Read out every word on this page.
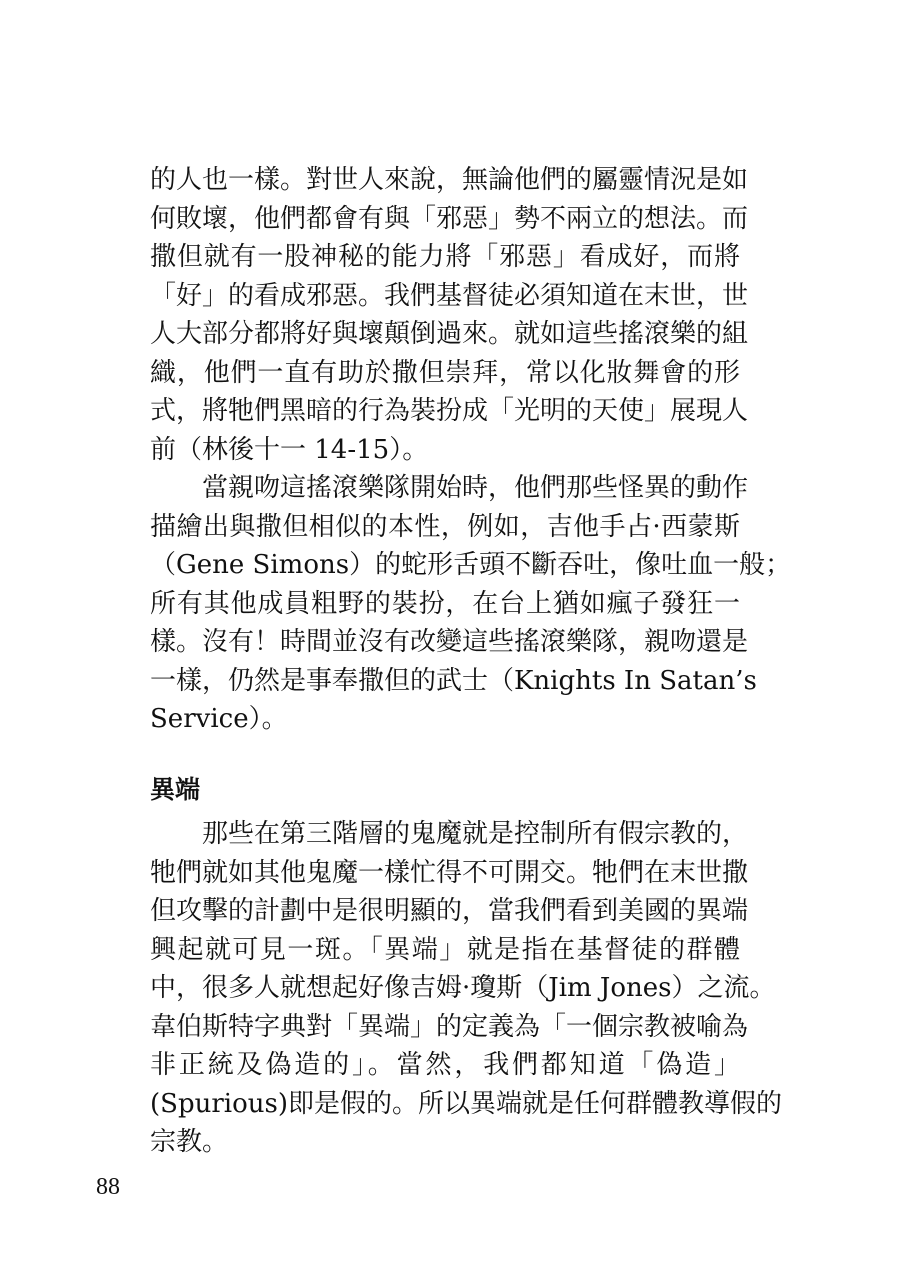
的人也一樣。對世人來說，無論他們的屬靈情況是如
何敗壞，他們都會有與「邪惡」勢不兩立的想法。而
撒但就有一股神秘的能力將「邪惡」看成好，而將
「好」的看成邪惡。我們基督徒必須知道在末世，世
人大部分都將好與壞顛倒過來。就如這些搖滾樂的組
織，他們一直有助於撒但崇拜，常以化妝舞會的形
式，將牠們黑暗的行為裝扮成「光明的天使」展現人
前（林後十一 14-15）。
　　當親吻這搖滾樂隊開始時，他們那些怪異的動作
描繪出與撒但相似的本性，例如，吉他手占·西蒙斯
（Gene Simons）的蛇形舌頭不斷吞吐，像吐血一般；
所有其他成員粗野的裝扮，在台上猶如瘋子發狂一
樣。沒有！時間並沒有改變這些搖滾樂隊，親吻還是
一樣，仍然是事奉撒但的武士（Knights In Satan’s
Service）。
異端
　　那些在第三階層的鬼魔就是控制所有假宗教的，
牠們就如其他鬼魔一樣忙得不可開交。牠們在末世撒
但攻擊的計劃中是很明顯的，當我們看到美國的異端
興起就可見一斑。「異端」就是指在基督徒的群體
中，很多人就想起好像吉姆·瓊斯（Jim Jones）之流。
韋伯斯特字典對「異端」的定義為「一個宗教被喻為
非正統及偽造的」。當然，我們都知道「偽造」
(Spurious)即是假的。所以異端就是任何群體教導假的
宗教。
88
